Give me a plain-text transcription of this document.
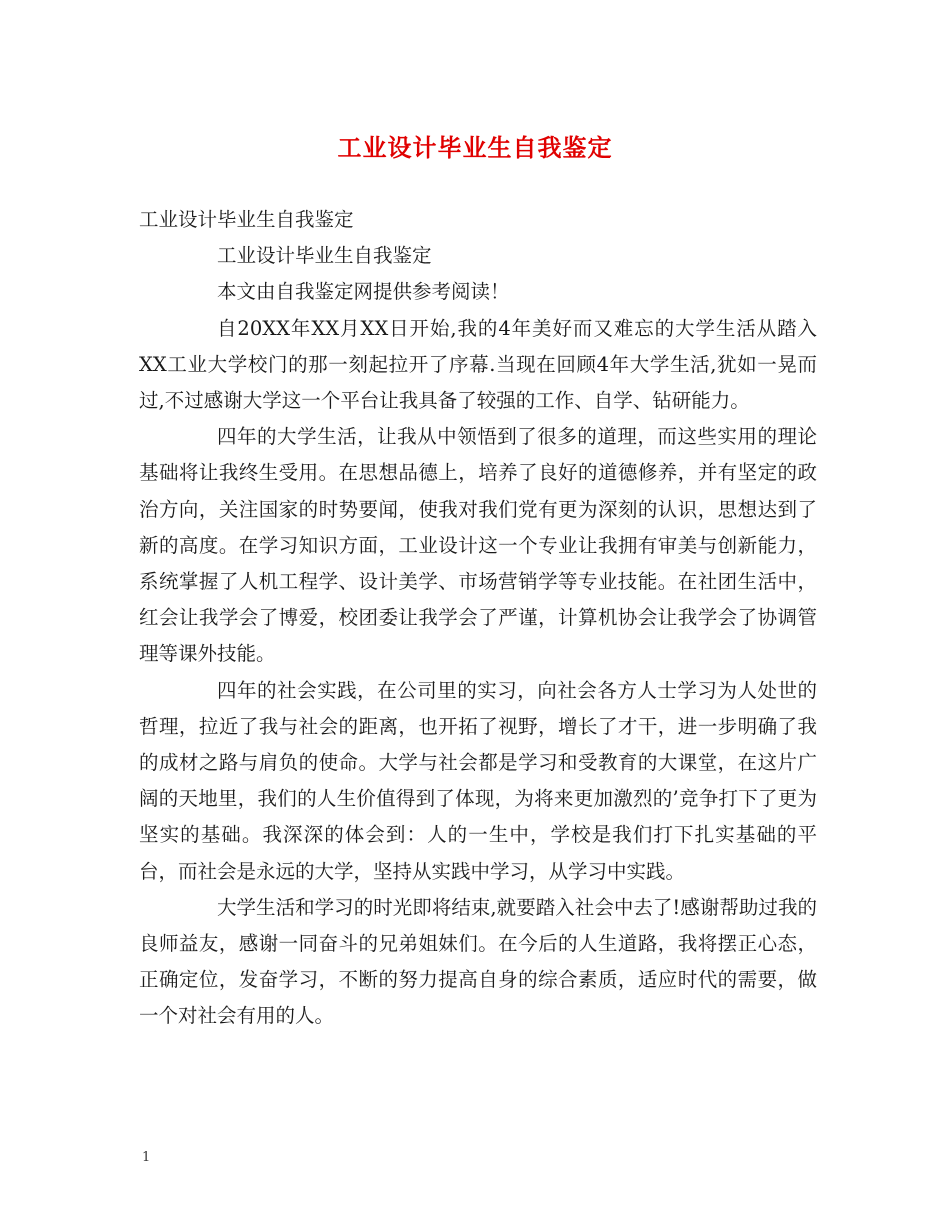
工业设计毕业生自我鉴定

工业设计毕业生自我鉴定

工业设计毕业生自我鉴定

本文由自我鉴定网提供参考阅读！

自20XX年XX月XX日开始,我的4年美好而又难忘的大学生活从踏入XX工业大学校门的那一刻起拉开了序幕.当现在回顾4年大学生活,犹如一晃而过,不过感谢大学这一个平台让我具备了较强的工作、自学、钻研能力。

四年的大学生活，让我从中领悟到了很多的道理，而这些实用的理论基础将让我终生受用。在思想品德上，培养了良好的道德修养，并有坚定的政治方向，关注国家的时势要闻，使我对我们党有更为深刻的认识，思想达到了新的高度。在学习知识方面，工业设计这一个专业让我拥有审美与创新能力，系统掌握了人机工程学、设计美学、市场营销学等专业技能。在社团生活中，红会让我学会了博爱，校团委让我学会了严谨，计算机协会让我学会了协调管理等课外技能。

四年的社会实践，在公司里的实习，向社会各方人士学习为人处世的哲理，拉近了我与社会的距离，也开拓了视野，增长了才干，进一步明确了我的成材之路与肩负的使命。大学与社会都是学习和受教育的大课堂，在这片广阔的天地里，我们的人生价值得到了体现，为将来更加激烈的’竞争打下了更为坚实的基础。我深深的体会到：人的一生中，学校是我们打下扎实基础的平台，而社会是永远的大学，坚持从实践中学习，从学习中实践。

大学生活和学习的时光即将结束,就要踏入社会中去了!感谢帮助过我的良师益友，感谢一同奋斗的兄弟姐妹们。在今后的人生道路，我将摆正心态，正确定位，发奋学习，不断的努力提高自身的综合素质，适应时代的需要，做一个对社会有用的人。

1
